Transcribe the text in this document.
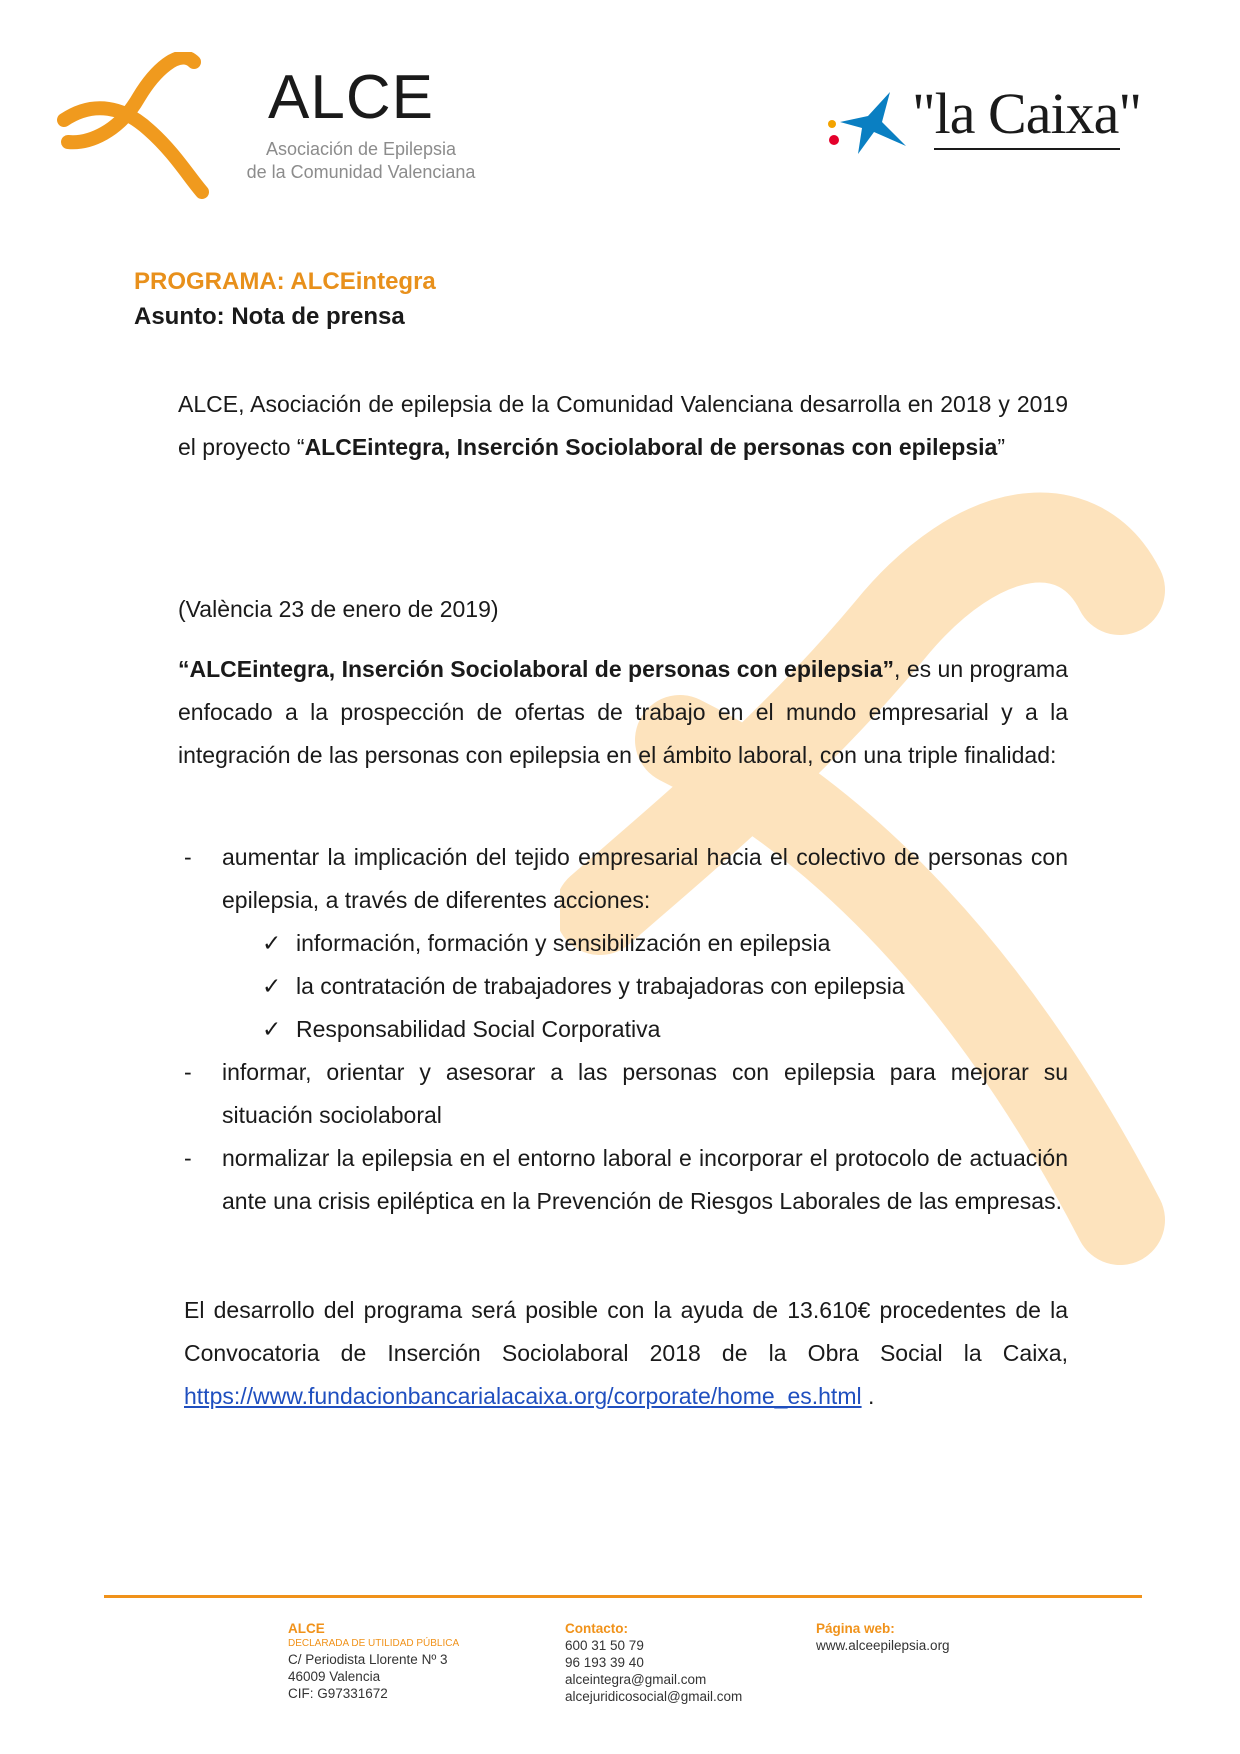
ALCE
Asociación de Epilepsia
de la Comunidad Valenciana
"la Caixa"
PROGRAMA: ALCEintegra
Asunto: Nota de prensa
ALCE, Asociación de epilepsia de la Comunidad Valenciana desarrolla en 2018 y 2019 el proyecto “ALCEintegra, Inserción Sociolaboral de personas con epilepsia”
(València 23 de enero de 2019)
“ALCEintegra, Inserción Sociolaboral de personas con epilepsia”, es un programa enfocado a la prospección de ofertas de trabajo en el mundo empresarial y a la integración de las personas con epilepsia en el ámbito laboral, con una triple finalidad:
- aumentar la implicación del tejido empresarial hacia el colectivo de personas con epilepsia, a través de diferentes acciones:
✓ información, formación y sensibilización en epilepsia
✓ la contratación de trabajadores y trabajadoras con epilepsia
✓ Responsabilidad Social Corporativa
- informar, orientar y asesorar a las personas con epilepsia para mejorar su situación sociolaboral
- normalizar la epilepsia en el entorno laboral e incorporar el protocolo de actuación ante una crisis epiléptica en la Prevención de Riesgos Laborales de las empresas.
El desarrollo del programa será posible con la ayuda de 13.610€ procedentes de la Convocatoria de Inserción Sociolaboral 2018 de la Obra Social la Caixa, https://www.fundacionbancarialacaixa.org/corporate/home_es.html .
ALCE
DECLARADA DE UTILIDAD PÚBLICA
C/ Periodista Llorente Nº 3
46009 Valencia
CIF: G97331672
Contacto:
600 31 50 79
96 193 39 40
alceintegra@gmail.com
alcejuridicosocial@gmail.com
Página web:
www.alceepilepsia.org
